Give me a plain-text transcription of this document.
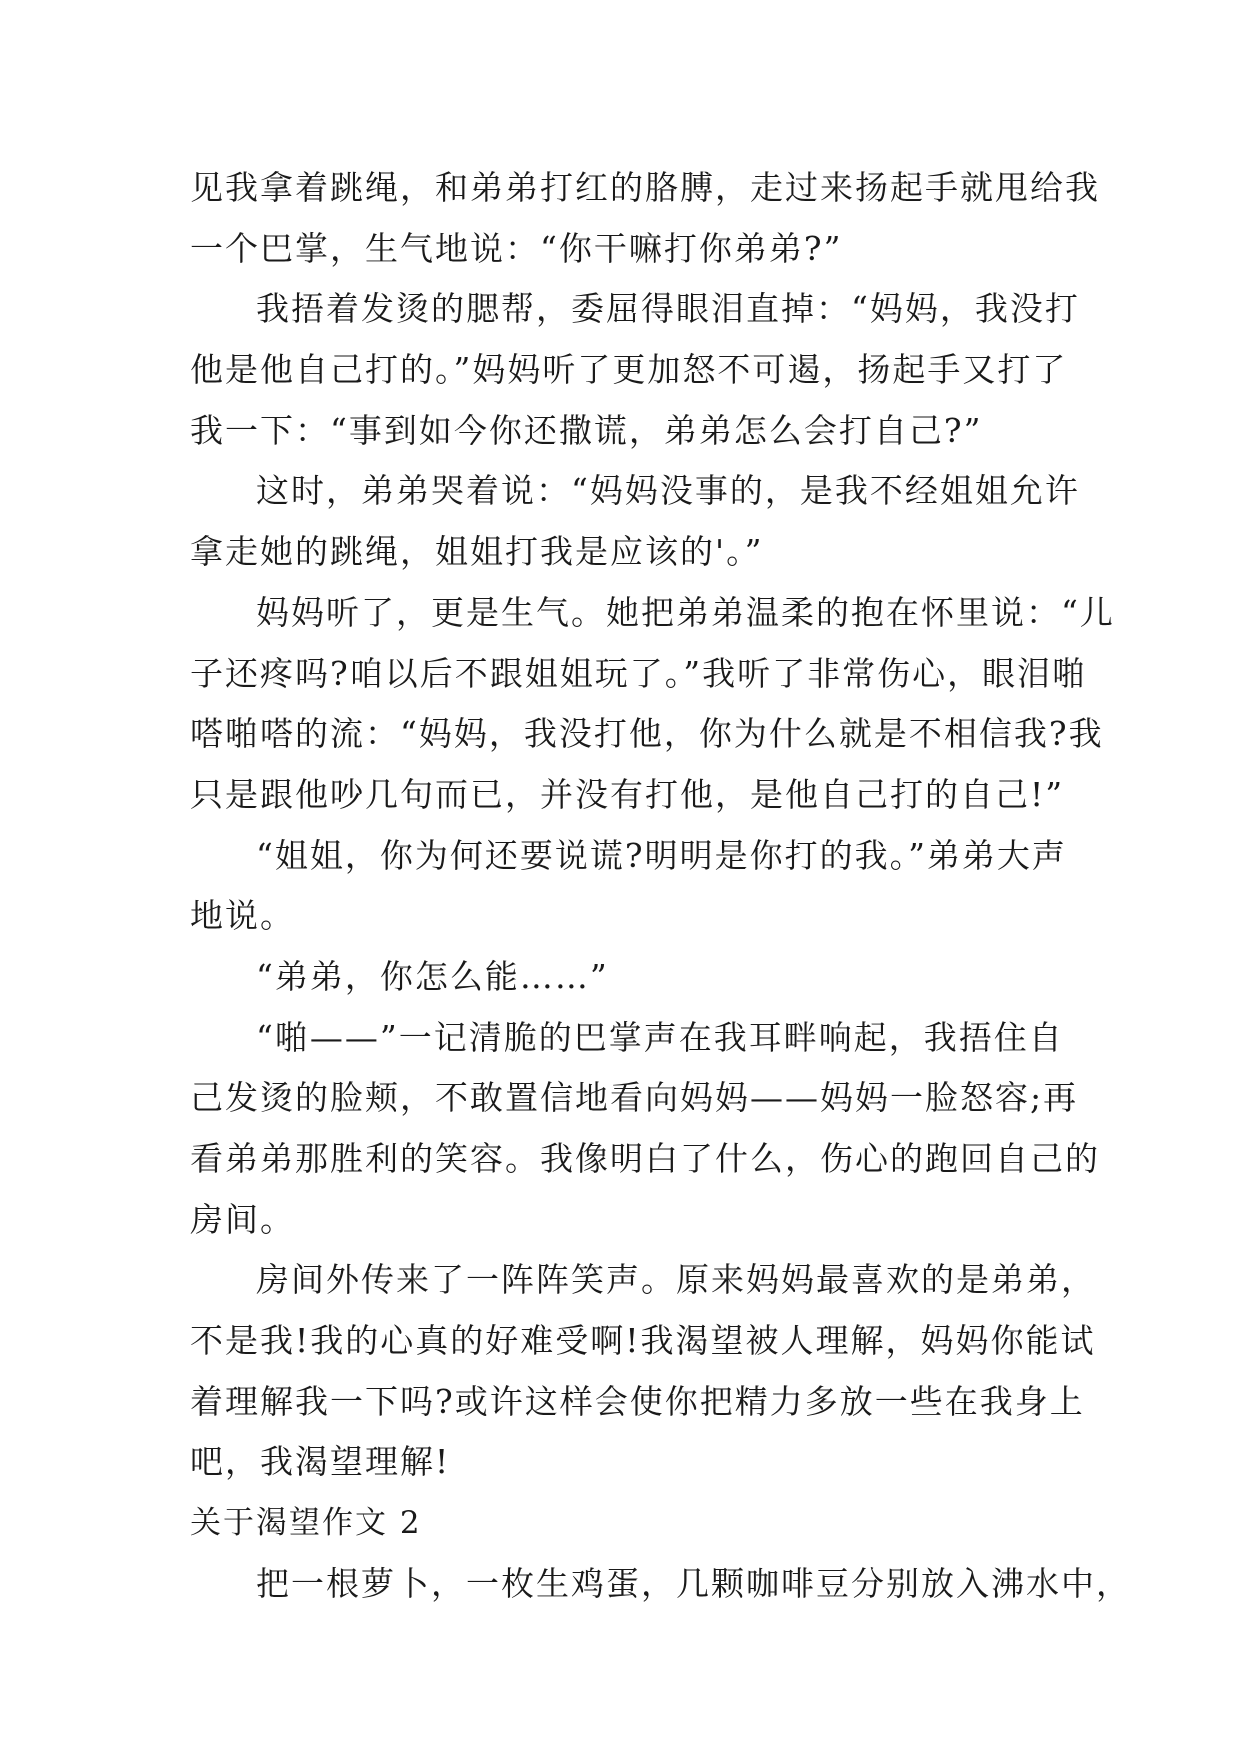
见我拿着跳绳，和弟弟打红的胳膊，走过来扬起手就甩给我
一个巴掌，生气地说：“你干嘛打你弟弟?”
我捂着发烫的腮帮，委屈得眼泪直掉：“妈妈，我没打
他是他自己打的。”妈妈听了更加怒不可遏，扬起手又打了
我一下：“事到如今你还撒谎，弟弟怎么会打自己?”
这时，弟弟哭着说：“妈妈没事的，是我不经姐姐允许
拿走她的跳绳，姐姐打我是应该的'。”
妈妈听了，更是生气。她把弟弟温柔的抱在怀里说：“儿
子还疼吗?咱以后不跟姐姐玩了。”我听了非常伤心，眼泪啪
嗒啪嗒的流：“妈妈，我没打他，你为什么就是不相信我?我
只是跟他吵几句而已，并没有打他，是他自己打的自己!”
“姐姐，你为何还要说谎?明明是你打的我。”弟弟大声
地说。
“弟弟，你怎么能……”
“啪——”一记清脆的巴掌声在我耳畔响起，我捂住自
己发烫的脸颊，不敢置信地看向妈妈——妈妈一脸怒容;再
看弟弟那胜利的笑容。我像明白了什么，伤心的跑回自己的
房间。
房间外传来了一阵阵笑声。原来妈妈最喜欢的是弟弟，
不是我!我的心真的好难受啊!我渴望被人理解，妈妈你能试
着理解我一下吗?或许这样会使你把精力多放一些在我身上
吧，我渴望理解!
关于渴望作文 2
把一根萝卜，一枚生鸡蛋，几颗咖啡豆分别放入沸水中，
